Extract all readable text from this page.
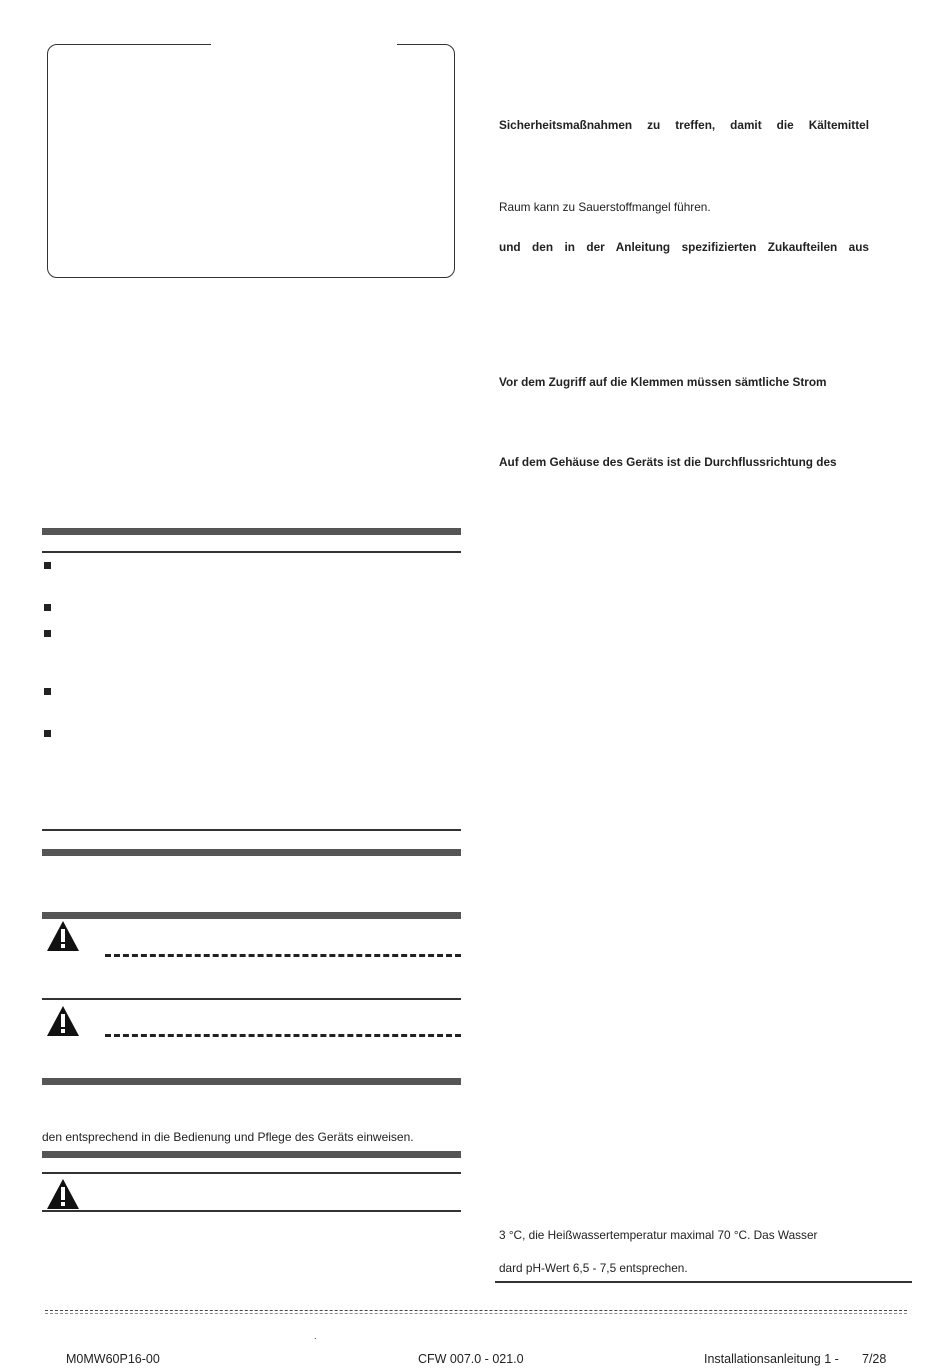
den entsprechend in die Bedienung und Pflege des Geräts einweisen.
Sicherheitsmaßnahmen zu treffen, damit die Kältemittel
Raum kann zu Sauerstoffmangel führen.
und den in der Anleitung spezifizierten Zukaufteilen aus
Vor dem Zugriff auf die Klemmen müssen sämtliche Strom
Auf dem Gehäuse des Geräts ist die Durchflussrichtung des
3 °C, die Heißwassertemperatur maximal 70 °C. Das Wasser
dard pH-Wert 6,5 - 7,5 entsprechen.
.
M0MW60P16-00	CFW 007.0 - 021.0	Installationsanleitung 1 - 7/28
